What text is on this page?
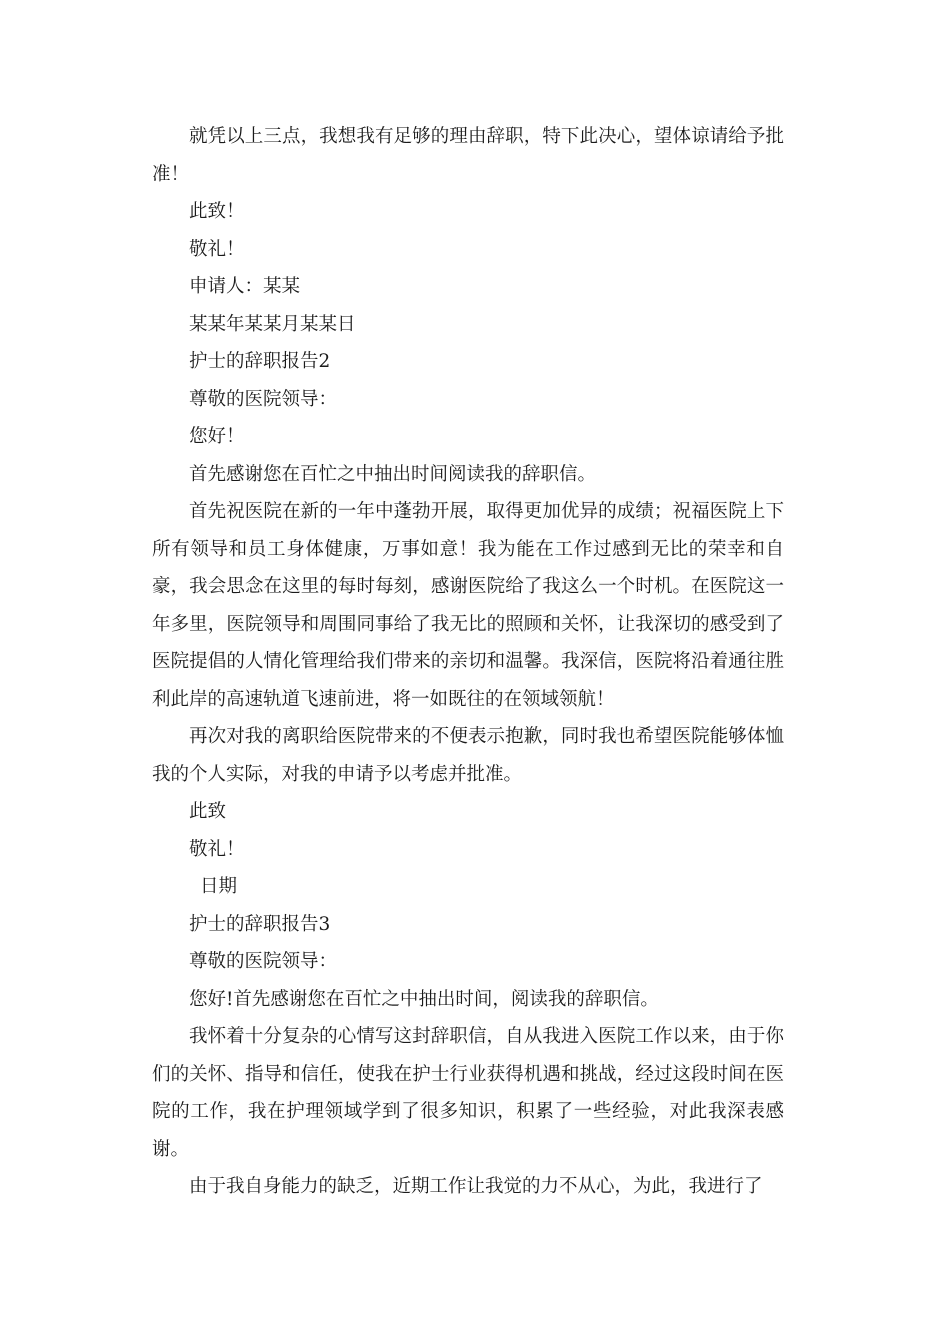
就凭以上三点，我想我有足够的理由辞职，特下此决心，望体谅请给予批准！

此致！

敬礼！

申请人：某某

某某年某某月某某日

护士的辞职报告2

尊敬的医院领导：

您好！

首先感谢您在百忙之中抽出时间阅读我的辞职信。

首先祝医院在新的一年中蓬勃开展，取得更加优异的成绩；祝福医院上下所有领导和员工身体健康，万事如意！我为能在工作过感到无比的荣幸和自豪，我会思念在这里的每时每刻，感谢医院给了我这么一个时机。在医院这一年多里，医院领导和周围同事给了我无比的照顾和关怀，让我深切的感受到了医院提倡的人情化管理给我们带来的亲切和温馨。我深信，医院将沿着通往胜利此岸的高速轨道飞速前进，将一如既往的在领域领航！

再次对我的离职给医院带来的不便表示抱歉，同时我也希望医院能够体恤我的个人实际，对我的申请予以考虑并批准。

此致

敬礼！

日期

护士的辞职报告3

尊敬的医院领导：

您好!首先感谢您在百忙之中抽出时间，阅读我的辞职信。

我怀着十分复杂的心情写这封辞职信，自从我进入医院工作以来，由于你们的关怀、指导和信任，使我在护士行业获得机遇和挑战，经过这段时间在医院的工作，我在护理领域学到了很多知识，积累了一些经验，对此我深表感谢。

由于我自身能力的缺乏，近期工作让我觉的力不从心，为此，我进行了
